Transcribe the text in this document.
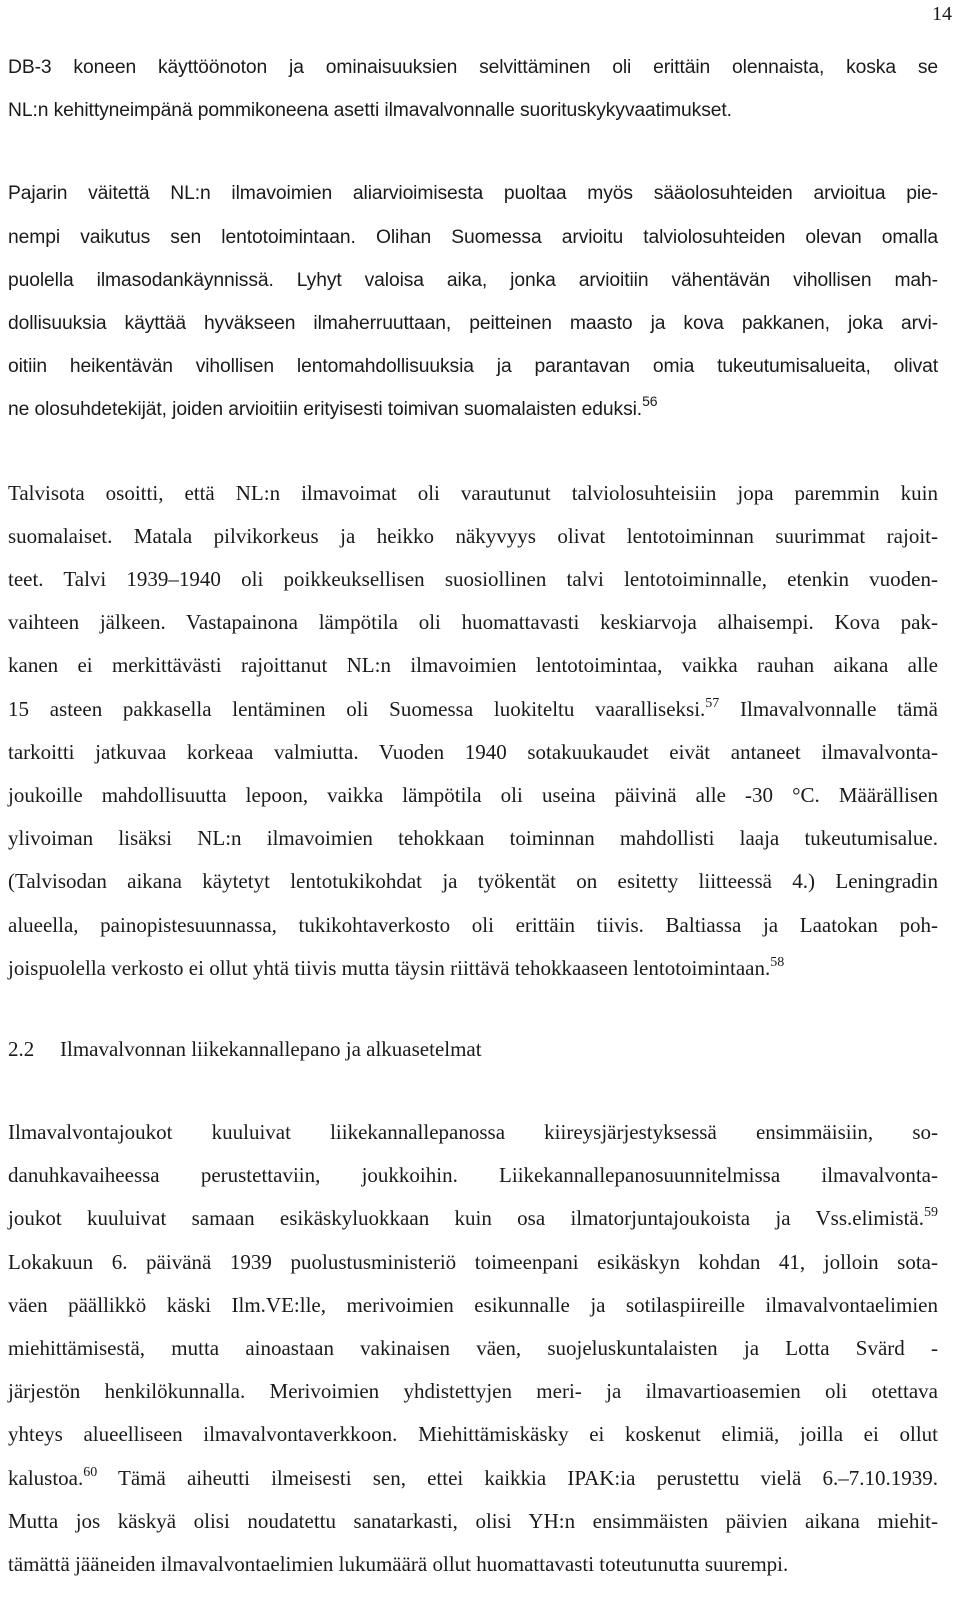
14
DB-3 koneen käyttöönoton ja ominaisuuksien selvittäminen oli erittäin olennaista, koska se
NL:n kehittyneimpänä pommikoneena asetti ilmavalvonnalle suorituskykyvaatimukset.
Pajarin väitettä NL:n ilmavoimien aliarvioimisesta puoltaa myös sääolosuhteiden arvioitua pie-
nempi vaikutus sen lentotoimintaan. Olihan Suomessa arvioitu talviolosuhteiden olevan omalla
puolella ilmasodankäynnissä. Lyhyt valoisa aika, jonka arvioitiin vähentävän vihollisen mah-
dollisuuksia käyttää hyväkseen ilmaherruuttaan, peitteinen maasto ja kova pakkanen, joka arvi-
oitiin heikentävän vihollisen lentomahdollisuuksia ja parantavan omia tukeutumisalueita, olivat
ne olosuhdetekijät, joiden arvioitiin erityisesti toimivan suomalaisten eduksi.$^{56}$
Talvisota osoitti, että NL:n ilmavoimat oli varautunut talviolosuhteisiin jopa paremmin kuin
suomalaiset. Matala pilvikorkeus ja heikko näkyvyys olivat lentotoiminnan suurimmat rajoit-
teet. Talvi 1939–1940 oli poikkeuksellisen suosiollinen talvi lentotoiminnalle, etenkin vuoden-
vaihteen jälkeen. Vastapainona lämpötila oli huomattavasti keskiarvoja alhaisempi. Kova pak-
kanen ei merkittävästi rajoittanut NL:n ilmavoimien lentotoimintaa, vaikka rauhan aikana alle
15 asteen pakkasella lentäminen oli Suomessa luokiteltu vaaralliseksi.$^{57}$ Ilmavalvonnalle tämä
tarkoitti jatkuvaa korkeaa valmiutta. Vuoden 1940 sotakuukaudet eivät antaneet ilmavalvonta-
joukoille mahdollisuutta lepoon, vaikka lämpötila oli useina päivinä alle -30 °C. Määrällisen
ylivoiman lisäksi NL:n ilmavoimien tehokkaan toiminnan mahdollisti laaja tukeutumisalue.
(Talvisodan aikana käytetyt lentotukikohdat ja työkentät on esitetty liitteessä 4.) Leningradin
alueella, painopistesuunnassa, tukikohtaverkosto oli erittäin tiivis. Baltiassa ja Laatokan poh-
joispuolella verkosto ei ollut yhtä tiivis mutta täysin riittävä tehokkaaseen lentotoimintaan.$^{58}$
2.2	Ilmavalvonnan liikekannallepano ja alkuasetelmat
Ilmavalvontajoukot kuuluivat liikekannallepanossa kiireysjärjestyksessä ensimmäisiin, so-
danuhkavaiheessa perustettaviin, joukkoihin. Liikekannallepanosuunnitelmissa ilmavalvonta-
joukot kuuluivat samaan esikäskyluokkaan kuin osa ilmatorjuntajoukoista ja Vss.elimistä.$^{59}$
Lokakuun 6. päivänä 1939 puolustusministeriö toimeenpani esikäskyn kohdan 41, jolloin sota-
väen päällikkö käski Ilm.VE:lle, merivoimien esikunnalle ja sotilaspiireille ilmavalvontaelimien
miehittämisestä, mutta ainoastaan vakinaisen väen, suojeluskuntalaisten ja Lotta Svärd -
järjestön henkilökunnalla. Merivoimien yhdistettyjen meri- ja ilmavartioasemien oli otettava
yhteys alueelliseen ilmavalvontaverkkoon. Miehittämiskäsky ei koskenut elimiä, joilla ei ollut
kalustoa.$^{60}$ Tämä aiheutti ilmeisesti sen, ettei kaikkia IPAK:ia perustettu vielä 6.–7.10.1939.
Mutta jos käskyä olisi noudatettu sanatarkasti, olisi YH:n ensimmäisten päivien aikana miehit-
tämättä jääneiden ilmavalvontaelimien lukumäärä ollut huomattavasti toteutunutta suurempi.
